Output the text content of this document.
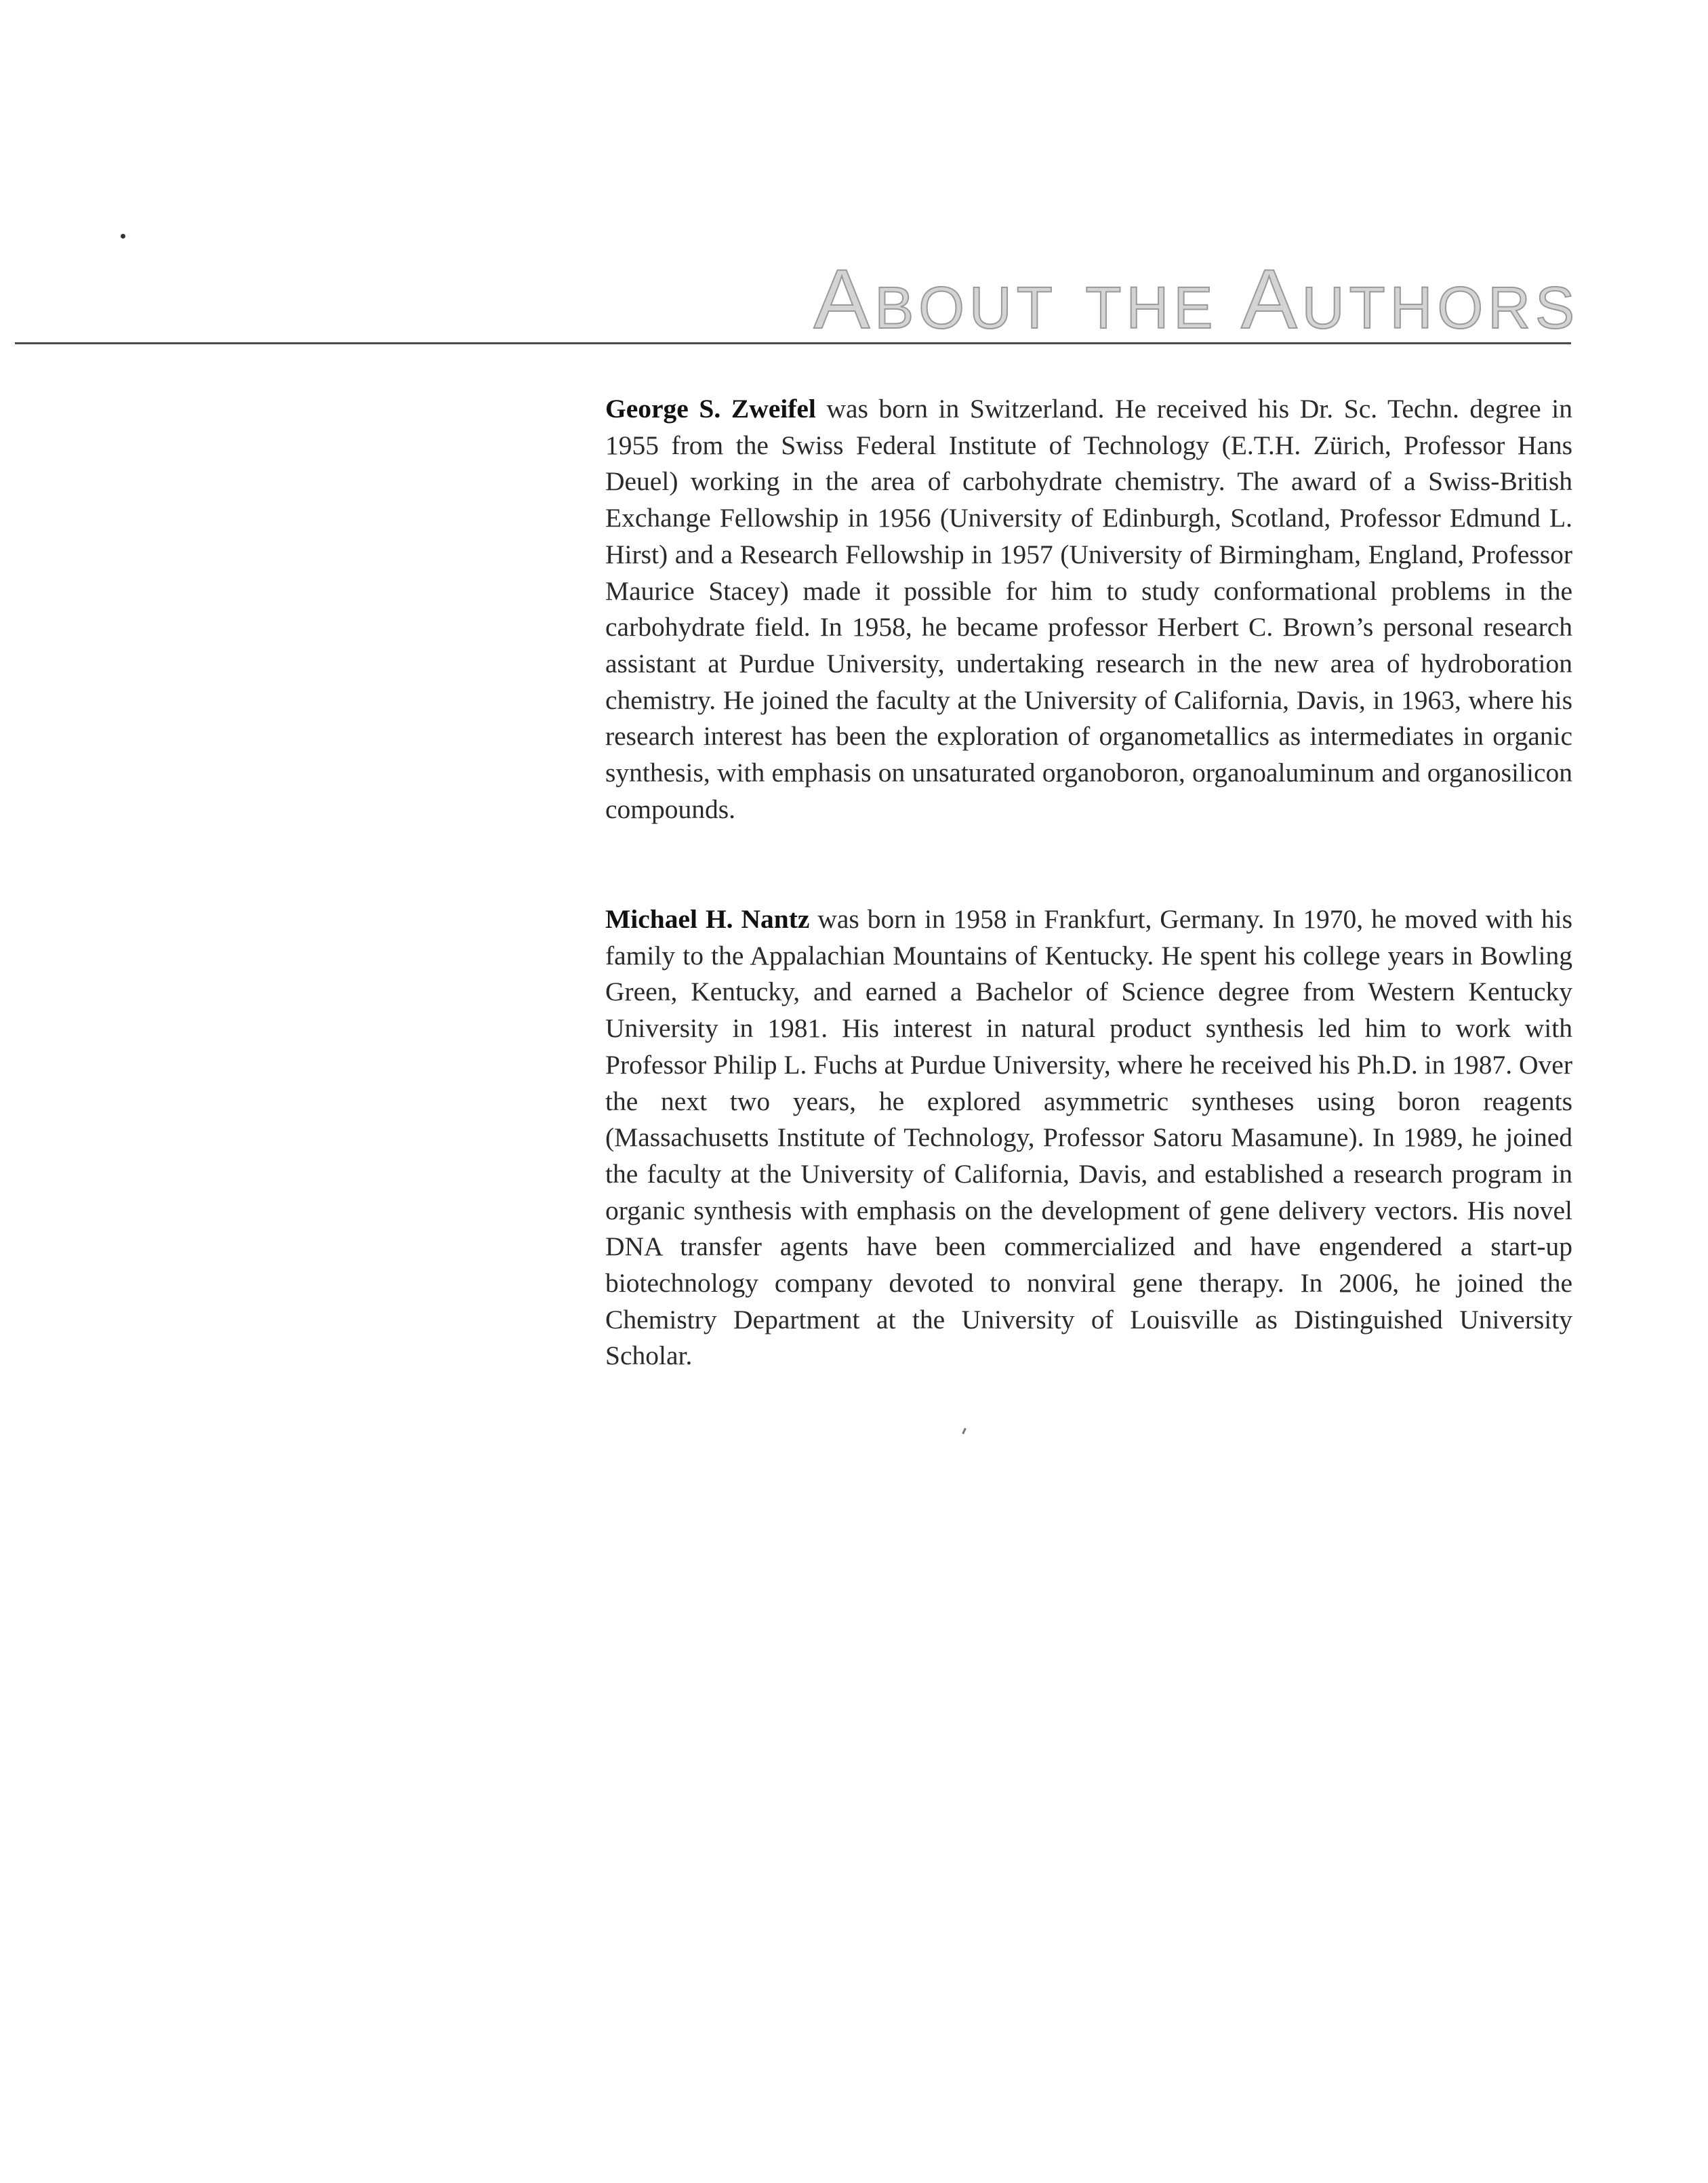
About the Authors

George S. Zweifel was born in Switzerland. He received his Dr. Sc. Techn. degree in 1955 from the Swiss Federal Institute of Technology (E.T.H. Zürich, Professor Hans Deuel) working in the area of carbohydrate chemistry. The award of a Swiss-British Exchange Fellowship in 1956 (University of Edinburgh, Scotland, Professor Edmund L. Hirst) and a Research Fellowship in 1957 (University of Birmingham, England, Professor Maurice Stacey) made it possible for him to study conformational problems in the carbohydrate field. In 1958, he became professor Herbert C. Brown’s personal research assistant at Purdue University, undertaking research in the new area of hydroboration chemistry. He joined the faculty at the University of California, Davis, in 1963, where his research interest has been the exploration of organometallics as intermediates in organic synthesis, with emphasis on unsaturated organoboron, organoaluminum and organosilicon compounds.

Michael H. Nantz was born in 1958 in Frankfurt, Germany. In 1970, he moved with his family to the Appalachian Mountains of Kentucky. He spent his college years in Bowling Green, Kentucky, and earned a Bachelor of Science degree from Western Kentucky University in 1981. His interest in natural product synthesis led him to work with Professor Philip L. Fuchs at Purdue University, where he received his Ph.D. in 1987. Over the next two years, he explored asymmetric syntheses using boron reagents (Massachusetts Institute of Technology, Professor Satoru Masamune). In 1989, he joined the faculty at the University of California, Davis, and established a research program in organic synthesis with emphasis on the development of gene delivery vectors. His novel DNA transfer agents have been commercialized and have engendered a start-up biotechnology company devoted to nonviral gene therapy. In 2006, he joined the Chemistry Department at the University of Louisville as Distinguished University Scholar.
